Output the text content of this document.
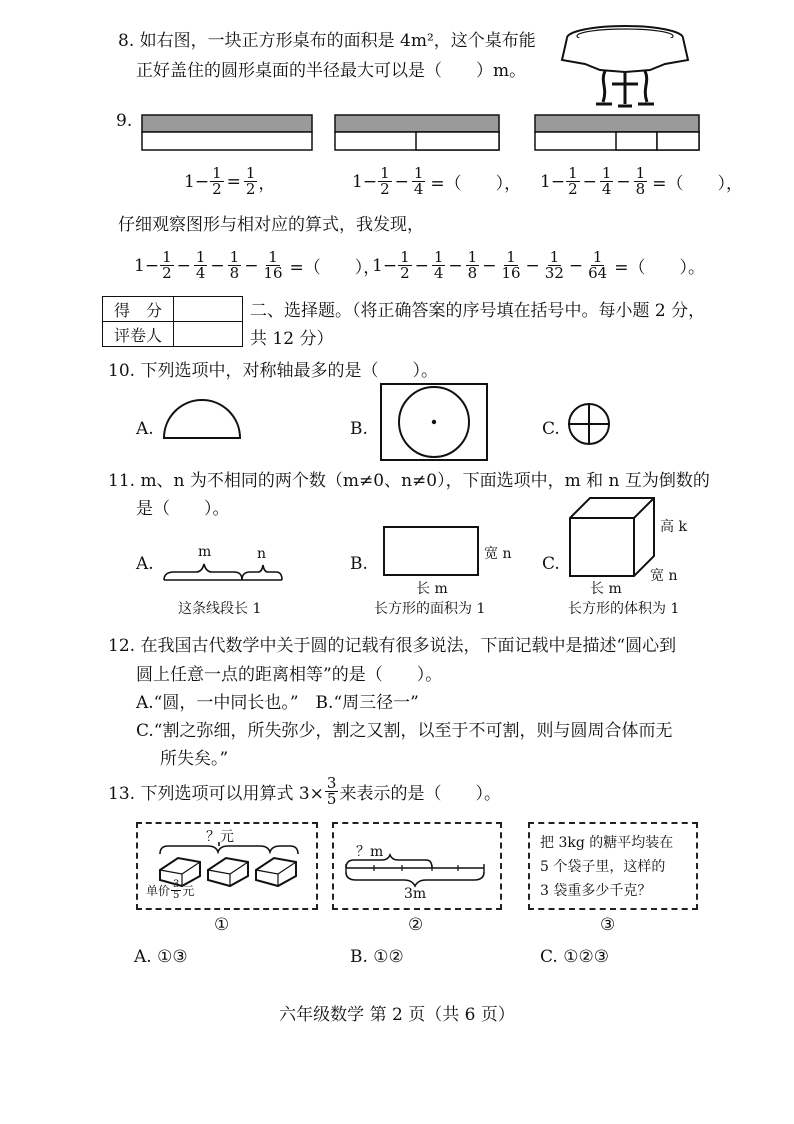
8. 如右图，一块正方形桌布的面积是 4m²，这个桌布能
正好盖住的圆形桌面的半径最大可以是（　　）m。
9.
$1- \frac{1}{2} = \frac{1}{2}$ ，	$1- \frac{1}{2} - \frac{1}{4}$ =（　　）， $1- \frac{1}{2} - \frac{1}{4} - \frac{1}{8}$ =（　　），
仔细观察图形与相对应的算式，我发现，
$1- \frac{1}{2} - \frac{1}{4} - \frac{1}{8} - \frac{1}{16}$ =（　　），
$1- \frac{1}{2} - \frac{1}{4} - \frac{1}{8} - \frac{1}{16} - \frac{1}{32} - \frac{1}{64}$ =（　　）。
得　分	
评卷人	
二、选择题。（将正确答案的序号填在括号中。每小题 2 分，
共 12 分）
10. 下列选项中，对称轴最多的是（　　）。
A.	B.	C.
11. m、n 为不相同的两个数（m≠0、n≠0），下面选项中，m 和 n 互为倒数的
是（　　）。
A.
m	n
这条线段长 1
B.	宽 n
长 m
长方形的面积为 1
C.
高 k
宽 n
长 m
长方形的体积为 1
12. 在我国古代数学中关于圆的记载有很多说法，下面记载中是描述“圆心到
圆上任意一点的距离相等”的是（　　）。
A.“圆，一中同长也。”　B.“周三径一”
C.“割之弥细，所失弥少，割之又割，以至于不可割，则与圆周合体而无
所失矣。”
13. 下列选项可以用算式 $3\times \frac{3}{5}$ 来表示的是（　　）。
？元
单价 $\frac{3}{5}$ 元
①
？m
3m
②
把 3kg 的糖平均装在
5 个袋子里，这样的
3 袋重多少千克？
③
A. ①③	B. ①②	C. ①②③
六年级数学 第 2 页（共 6 页）
